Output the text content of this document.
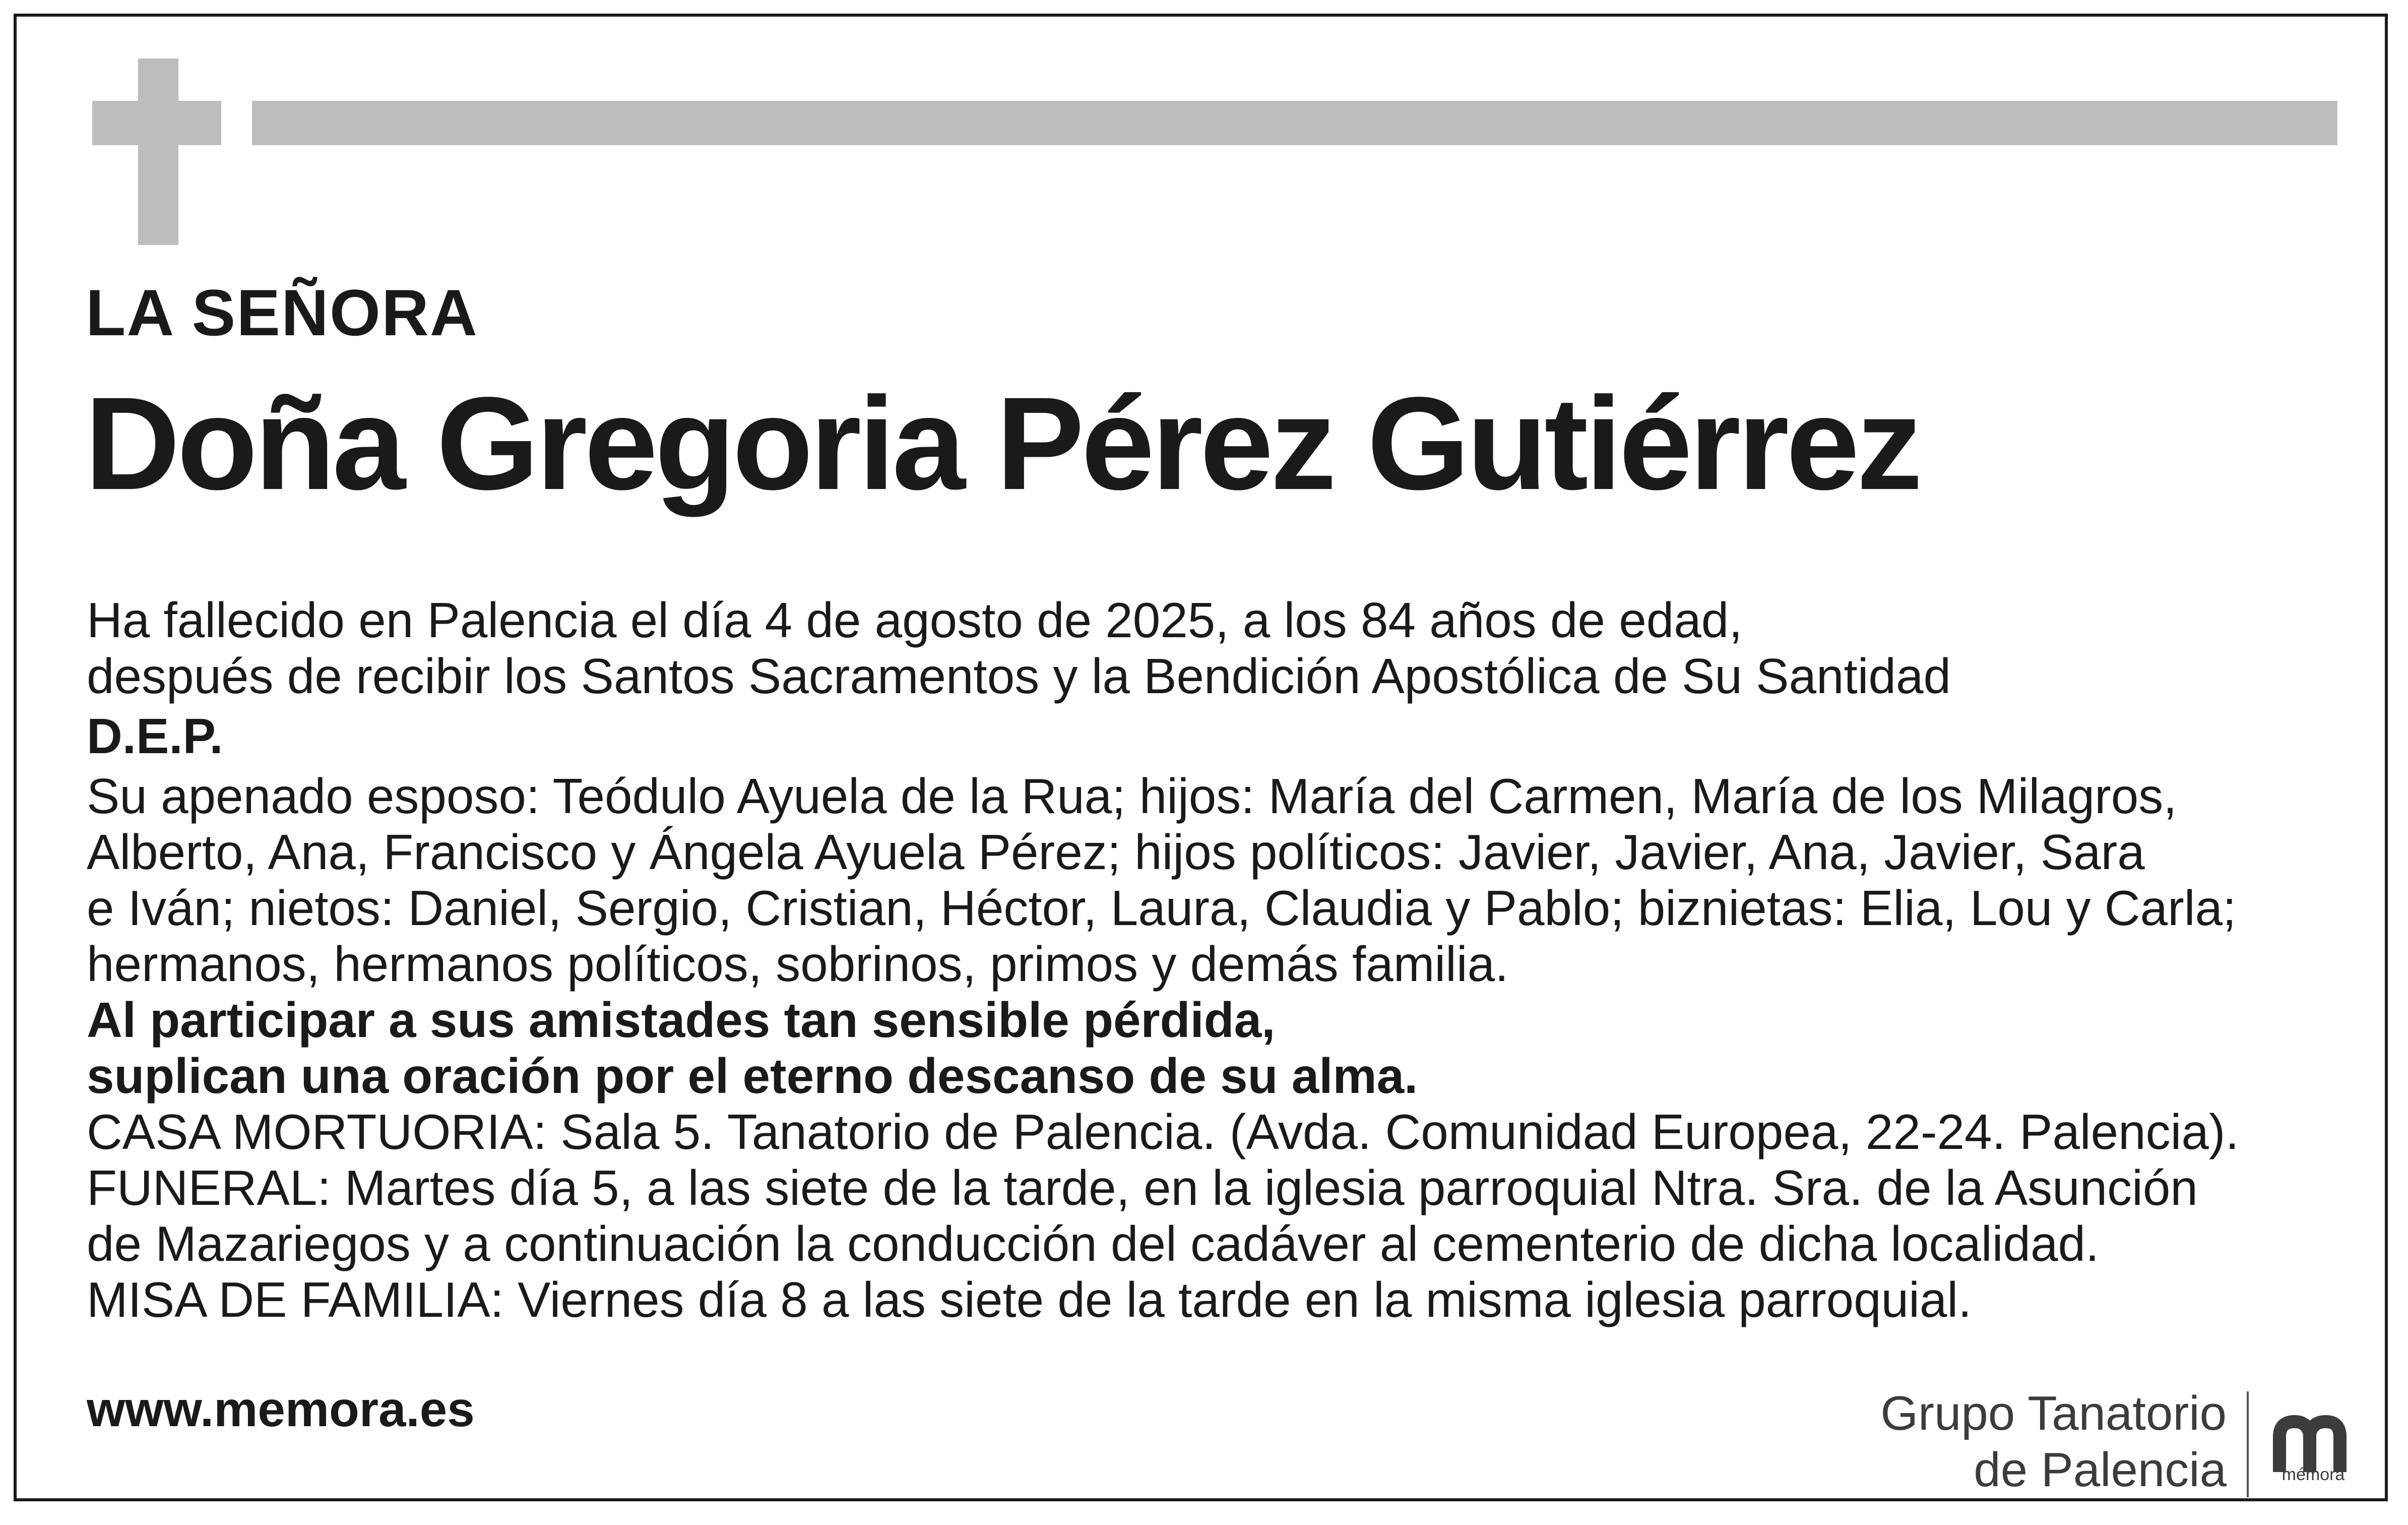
LA SEÑORA
Doña Gregoria Pérez Gutiérrez
Ha fallecido en Palencia el día 4 de agosto de 2025, a los 84 años de edad,
después de recibir los Santos Sacramentos y la Bendición Apostólica de Su Santidad
D.E.P.
Su apenado esposo: Teódulo Ayuela de la Rua; hijos: María del Carmen, María de los Milagros,
Alberto, Ana, Francisco y Ángela Ayuela Pérez; hijos políticos: Javier, Javier, Ana, Javier, Sara
e Iván; nietos: Daniel, Sergio, Cristian, Héctor, Laura, Claudia y Pablo; biznietas: Elia, Lou y Carla;
hermanos, hermanos políticos, sobrinos, primos y demás familia.
Al participar a sus amistades tan sensible pérdida,
suplican una oración por el eterno descanso de su alma.
CASA MORTUORIA: Sala 5. Tanatorio de Palencia. (Avda. Comunidad Europea, 22-24. Palencia).
FUNERAL: Martes día 5, a las siete de la tarde, en la iglesia parroquial Ntra. Sra. de la Asunción
de Mazariegos y a continuación la conducción del cadáver al cementerio de dicha localidad.
MISA DE FAMILIA: Viernes día 8 a las siete de la tarde en la misma iglesia parroquial.
www.memora.es	Grupo Tanatorio
de Palencia	mémora
